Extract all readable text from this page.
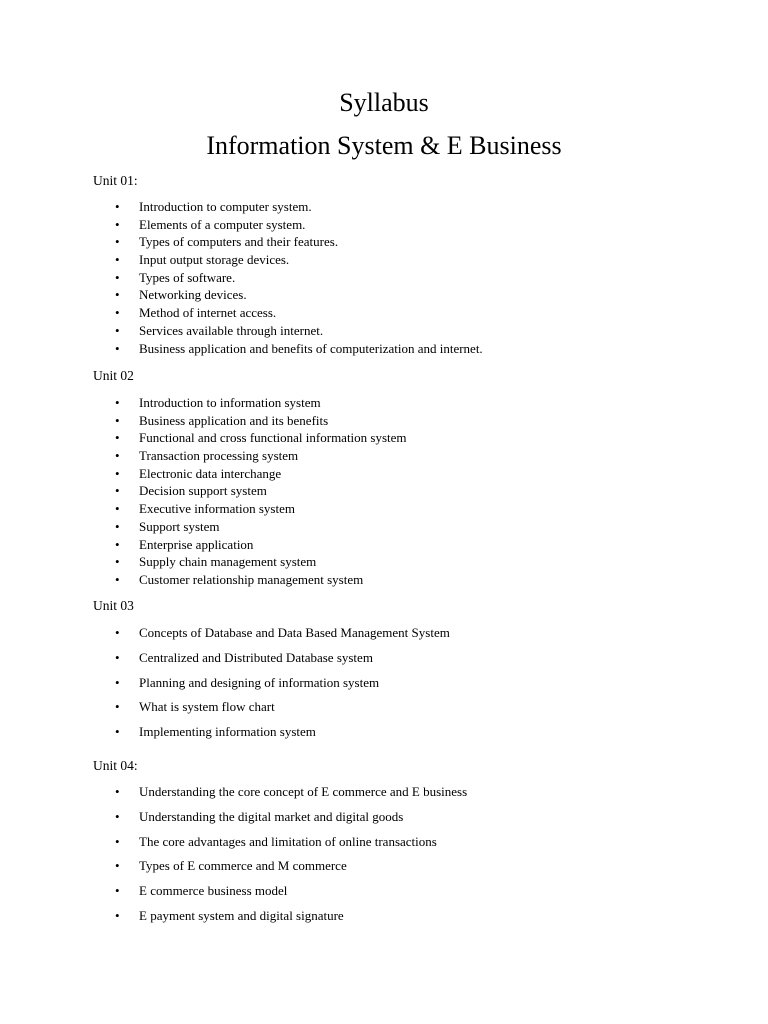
Syllabus
Information System & E Business

Unit 01:

• Introduction to computer system.
• Elements of a computer system.
• Types of computers and their features.
• Input output storage devices.
• Types of software.
• Networking devices.
• Method of internet access.
• Services available through internet.
• Business application and benefits of computerization and internet.

Unit 02

• Introduction to information system
• Business application and its benefits
• Functional and cross functional information system
• Transaction processing system
• Electronic data interchange
• Decision support system
• Executive information system
• Support system
• Enterprise application
• Supply chain management system
• Customer relationship management system

Unit 03

• Concepts of Database and Data Based Management System
• Centralized and Distributed Database system
• Planning and designing of information system
• What is system flow chart
• Implementing information system

Unit 04:

• Understanding the core concept of E commerce and E business
• Understanding the digital market and digital goods
• The core advantages and limitation of online transactions
• Types of E commerce and M commerce
• E commerce business model
• E payment system and digital signature
